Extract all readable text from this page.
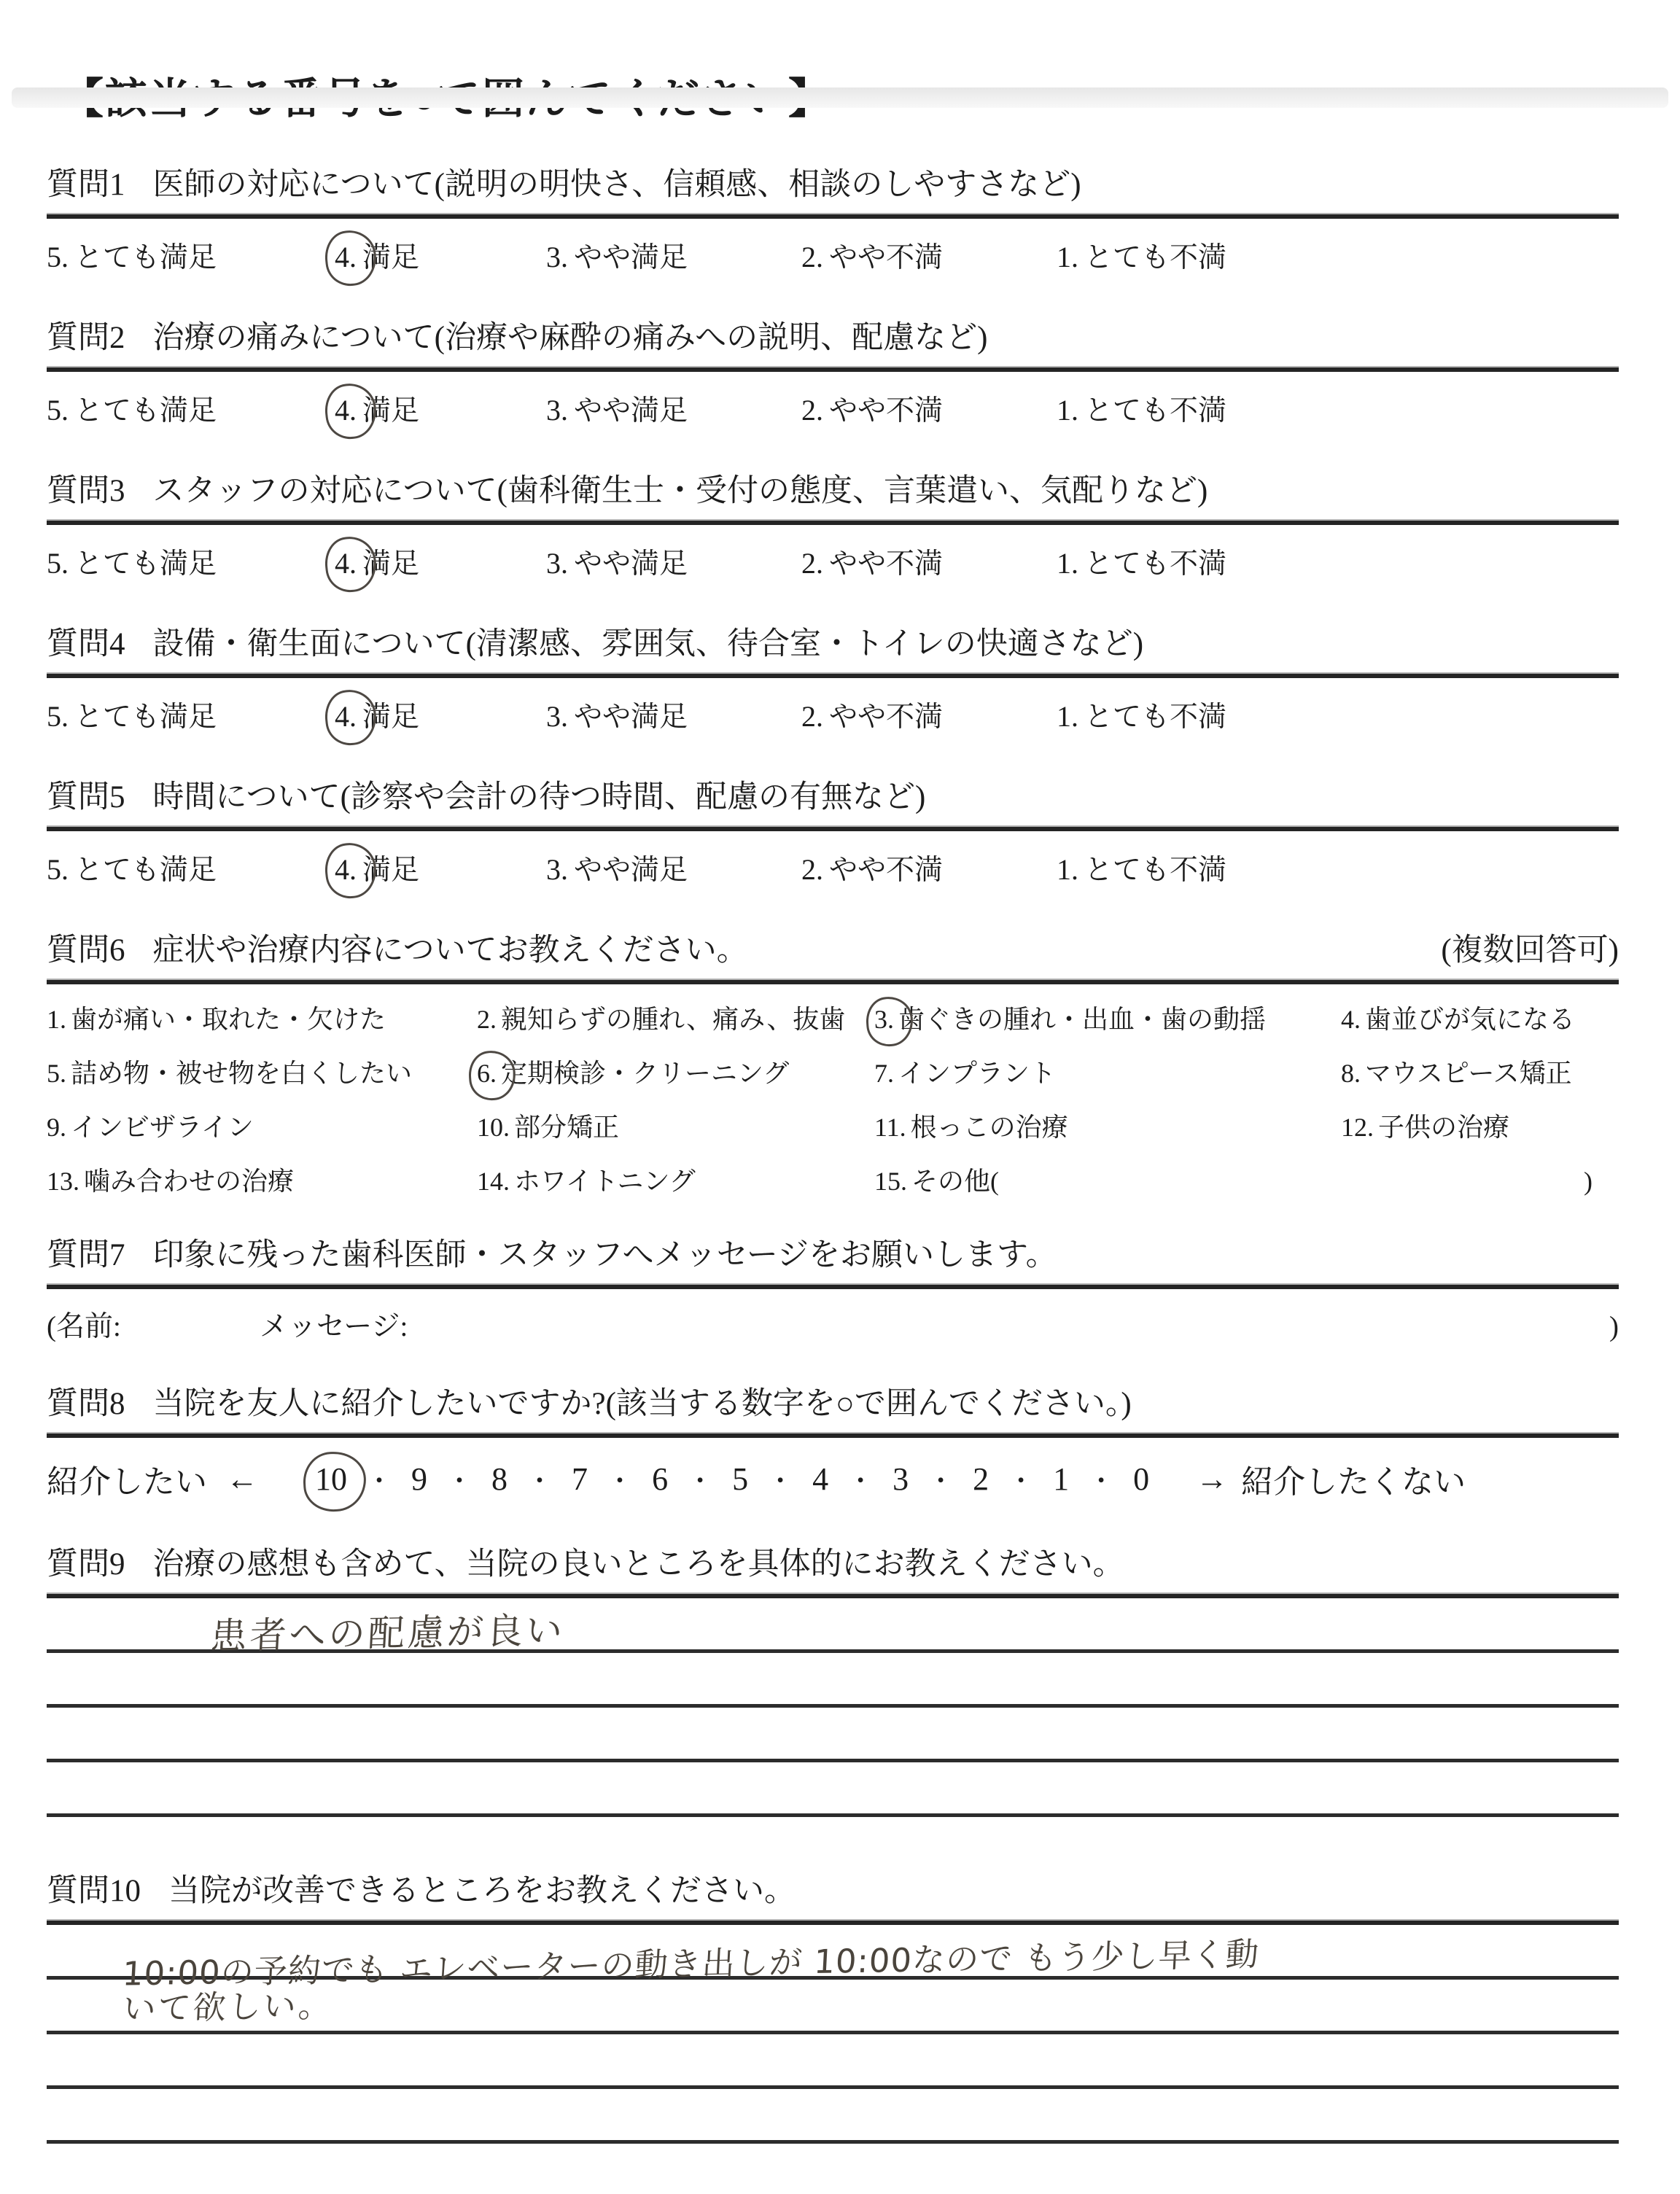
質問1 医師の対応について(説明の明快さ、信頼感、相談のしやすさなど)
5. とても満足	4. 満足	3. やや満足	2. やや不満	1. とても不満
質問2 治療の痛みについて(治療や麻酔の痛みへの説明、配慮など)
5. とても満足	4. 満足	3. やや満足	2. やや不満	1. とても不満
質問3 スタッフの対応について(歯科衛生士・受付の態度、言葉遣い、気配りなど)
5. とても満足	4. 満足	3. やや満足	2. やや不満	1. とても不満
質問4 設備・衛生面について(清潔感、雰囲気、待合室・トイレの快適さなど)
5. とても満足	4. 満足	3. やや満足	2. やや不満	1. とても不満
質問5 時間について(診察や会計の待つ時間、配慮の有無など)
5. とても満足	4. 満足	3. やや満足	2. やや不満	1. とても不満
質問6 症状や治療内容についてお教えください。	(複数回答可)
1. 歯が痛い・取れた・欠けた	2. 親知らずの腫れ、痛み、抜歯	3. 歯ぐきの腫れ・出血・歯の動揺	4. 歯並びが気になる
5. 詰め物・被せ物を白くしたい	6. 定期検診・クリーニング	7. インプラント	8. マウスピース矯正
9. インビザライン	10. 部分矯正	11. 根っこの治療	12. 子供の治療
13. 噛み合わせの治療	14. ホワイトニング	15. その他(	)
質問7 印象に残った歯科医師・スタッフへメッセージをお願いします。
(名前:	メッセージ:	)
質問8 当院を友人に紹介したいですか?(該当する数字を○で囲んでください。)
紹介したい ← 10 ・ 9 ・ 8 ・ 7 ・ 6 ・ 5 ・ 4 ・ 3 ・ 2 ・ 1 ・ 0 → 紹介したくない
質問9 治療の感想も含めて、当院の良いところを具体的にお教えください。
患者への配慮が良い
質問10 当院が改善できるところをお教えください。
10:00の予約でも エレベーターの動き出しが 10:00なので もう少し早く動
いて欲しい。
